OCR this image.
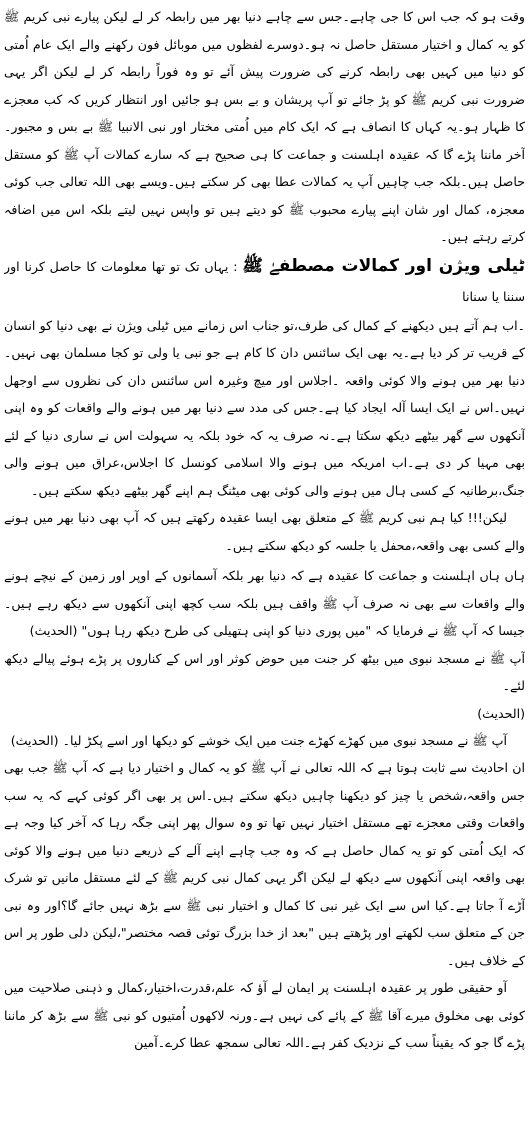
وقت ہو کہ جب اس کا جی چاہے۔جس سے چاہے دنیا بھر میں رابطہ کر لے لیکن پیارے نبی کریم ﷺ کو یہ کمال و اختیار مستقل حاصل نہ ہو۔دوسرے لفظوں میں موبائل فون رکھنے والے ایک عام اُمتی کو دنیا میں کہیں بھی رابطہ کرنے کی ضرورت پیش آئے تو وہ فوراً رابطہ کر لے لیکن اگر یہی ضرورت نبی کریم ﷺ کو پڑ جائے تو آپ پریشان و بے بس ہو جائیں اور انتظار کریں کہ کب معجزے کا ظہار ہو۔یہ کہاں کا انصاف ہے کہ ایک کام میں اُمتی مختار اور نبی الانبیا ﷺ بے بس و مجبور۔آخر ماننا پڑے گا کہ عقیدہ اہلسنت و جماعت کا ہی صحیح ہے کہ سارے کمالات آپ ﷺ کو مستقل حاصل ہیں۔بلکہ جب چاہیں آپ یہ کمالات عطا بھی کر سکتے ہیں۔ویسے بھی اللہ تعالی جب کوئی معجزہ، کمال اور شان اپنے پیارے محبوب ﷺ کو دیتے ہیں تو واپس نہیں لیتے بلکہ اس میں اضافہ کرتے رہتے ہیں۔

ٹیلی ویژن اور کمالات مصطفےٰ ﷺ : یہاں تک تو تھا معلومات کا حاصل کرنا اور سننا یا سنانا

۔اب ہم آتے ہیں دیکھنے کے کمال کی طرف،تو جناب اس زمانے میں ٹیلی ویژن نے بھی دنیا کو انسان کے قریب تر کر دیا ہے۔یہ بھی ایک سائنس دان کا کام ہے جو نبی یا ولی تو کجا مسلمان بھی نہیں۔دنیا بھر میں ہونے والا کوئی واقعہ ۔اجلاس اور میچ وغیرہ اس سائنس دان کی نظروں سے اوجھل نہیں۔اس نے ایک ایسا آلہ ایجاد کیا ہے۔جس کی مدد سے دنیا بھر میں ہونے والے واقعات کو وہ اپنی آنکھوں سے گھر بیٹھے دیکھ سکتا ہے۔نہ صرف یہ کہ خود بلکہ یہ سہولت اس نے ساری دنیا کے لئے بھی مہیا کر دی ہے۔اب امریکہ میں ہونے والا اسلامی کونسل کا اجلاس،عراق میں ہونے والی جنگ،برطانیہ کے کسی ہال میں ہونے والی کوئی بھی میٹنگ ہم اپنے گھر بیٹھے دیکھ سکتے ہیں۔

لیکن!!! کیا ہم نبی کریم ﷺ کے متعلق بھی ایسا عقیدہ رکھتے ہیں کہ آپ بھی دنیا بھر میں ہونے والے کسی بھی واقعہ،محفل یا جلسہ کو دیکھ سکتے ہیں۔

ہاں ہاں اہلسنت و جماعت کا عقیدہ ہے کہ دنیا بھر بلکہ آسمانوں کے اوپر اور زمین کے نیچے ہونے والے واقعات سے بھی نہ صرف آپ ﷺ واقف ہیں بلکہ سب کچھ اپنی آنکھوں سے دیکھ رہے ہیں۔جیسا کہ آپ ﷺ نے فرمایا کہ "میں پوری دنیا کو اپنی ہتھیلی کی طرح دیکھ رہا ہوں" (الحدیث)

آپ ﷺ نے مسجد نبوی میں بیٹھ کر جنت میں حوض کوثر اور اس کے کناروں پر پڑے ہوئے پیالے دیکھ لئے۔

(الحدیث)

آپ ﷺ نے مسجد نبوی میں کھڑے کھڑے جنت میں ایک خوشے کو دیکھا اور اسے پکڑ لیا۔ (الحدیث)

ان احادیث سے ثابت ہوتا ہے کہ اللہ تعالی نے آپ ﷺ کو یہ کمال و اختیار دیا ہے کہ آپ ﷺ جب بھی جس واقعہ،شخص یا چیز کو دیکھنا چاہیں دیکھ سکتے ہیں۔اس پر بھی اگر کوئی کہے کہ یہ سب واقعات وقتی معجزے تھے مستقل اختیار نہیں تھا تو وہ سوال پھر اپنی جگہ رہا کہ آخر کیا وجہ ہے کہ ایک اُمتی کو تو یہ کمال حاصل ہے کہ وہ جب چاہے اپنے آلے کے ذریعے دنیا میں ہونے والا کوئی بھی واقعہ اپنی آنکھوں سے دیکھ لے لیکن اگر یہی کمال نبی کریم ﷺ کے لئے مستقل مانیں تو شرک آڑے آ جاتا ہے۔کیا اس سے ایک غیر نبی کا کمال و اختیار نبی ﷺ سے بڑھ نہیں جائے گا؟اور وہ نبی جن کے متعلق سب لکھتے اور پڑھتے ہیں "بعد از خدا بزرگ توئی قصہ مختصر"،لیکن دلی طور پر اس کے خلاف ہیں۔

آو حقیقی طور پر عقیدہ اہلسنت پر ایمان لے آؤ کہ علم،قدرت،اختیار،کمال و ذہنی صلاحیت میں کوئی بھی مخلوق میرے آقا ﷺ کے پائے کی نہیں ہے۔ورنہ لاکھوں اُمتیوں کو نبی ﷺ سے بڑھ کر ماننا پڑے گا جو کہ یقیناً سب کے نزدیک کفر ہے۔اللہ تعالی سمجھ عطا کرے۔آمین
